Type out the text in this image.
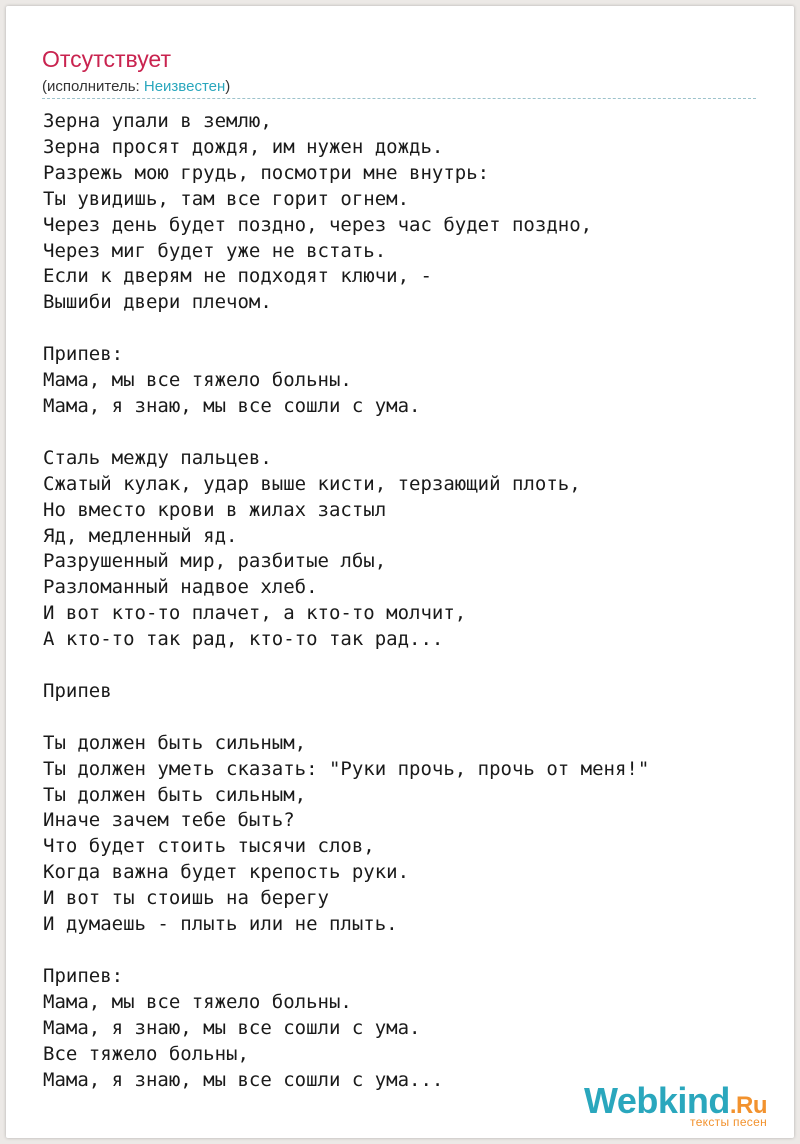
Отсутствует
(исполнитель: Неизвестен)
Зерна упали в землю,
Зерна просят дождя, им нужен дождь.
Разрежь мою грудь, посмотри мне внутрь:
Ты увидишь, там все горит огнем.
Через день будет поздно, через час будет поздно,
Через миг будет уже не встать.
Если к дверям не подходят ключи, -
Вышиби двери плечом.

Припев:
Мама, мы все тяжело больны.
Мама, я знаю, мы все сошли с ума.

Сталь между пальцев.
Сжатый кулак, удар выше кисти, терзающий плоть,
Но вместо крови в жилах застыл
Яд, медленный яд.
Разрушенный мир, разбитые лбы,
Разломанный надвое хлеб.
И вот кто-то плачет, а кто-то молчит,
А кто-то так рад, кто-то так рад...

Припев

Ты должен быть сильным,
Ты должен уметь сказать: "Руки прочь, прочь от меня!"
Ты должен быть сильным,
Иначе зачем тебе быть?
Что будет стоить тысячи слов,
Когда важна будет крепость руки.
И вот ты стоишь на берегу
И думаешь - плыть или не плыть.

Припев:
Мама, мы все тяжело больны.
Мама, я знаю, мы все сошли с ума.
Все тяжело больны,
Мама, я знаю, мы все сошли с ума...
Webkind.Ru
тексты песен
